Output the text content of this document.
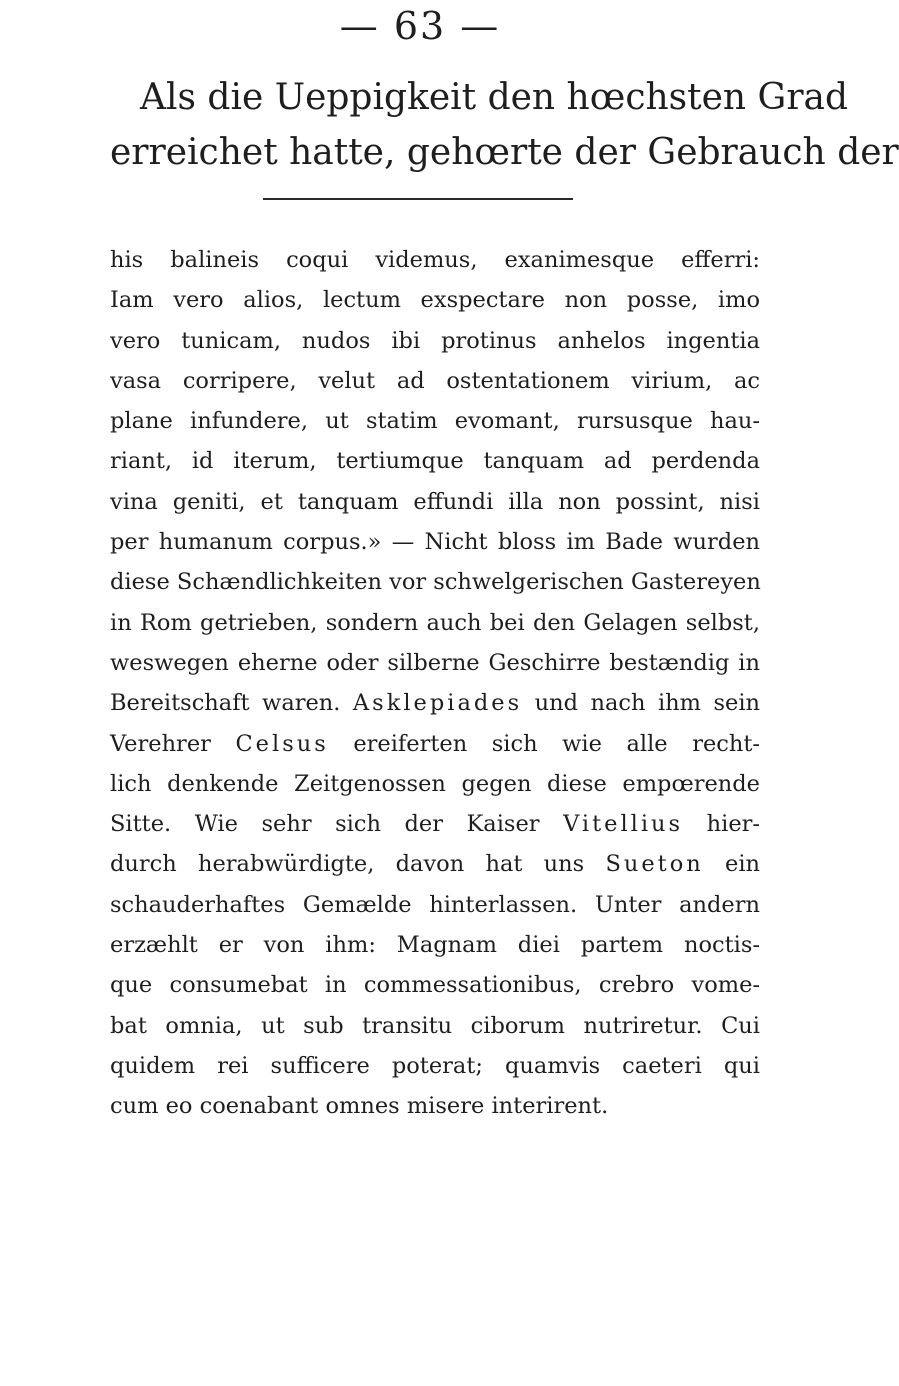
— 63 —
Als die Ueppigkeit den hœchsten Grad
erreichet hatte, gehœrte der Gebrauch der
his balineis coqui videmus, exanimesque efferri:
Iam vero alios, lectum exspectare non posse, imo
vero tunicam, nudos ibi protinus anhelos ingentia
vasa corripere, velut ad ostentationem virium, ac
plane infundere, ut statim evomant, rursusque hau-
riant, id iterum, tertiumque tanquam ad perdenda
vina geniti, et tanquam effundi illa non possint, nisi
per humanum corpus.» — Nicht bloss im Bade wurden
diese Schændlichkeiten vor schwelgerischen Gastereyen
in Rom getrieben, sondern auch bei den Gelagen selbst,
weswegen eherne oder silberne Geschirre bestændig in
Bereitschaft waren. Asklepiades und nach ihm sein
Verehrer Celsus ereiferten sich wie alle recht-
lich denkende Zeitgenossen gegen diese empœrende
Sitte. Wie sehr sich der Kaiser Vitellius hier-
durch herabwürdigte, davon hat uns Sueton ein
schauderhaftes Gemælde hinterlassen. Unter andern
erzæhlt er von ihm: Magnam diei partem noctis-
que consumebat in commessationibus, crebro vome-
bat omnia, ut sub transitu ciborum nutriretur. Cui
quidem rei sufficere poterat; quamvis caeteri qui
cum eo coenabant omnes misere interirent.
